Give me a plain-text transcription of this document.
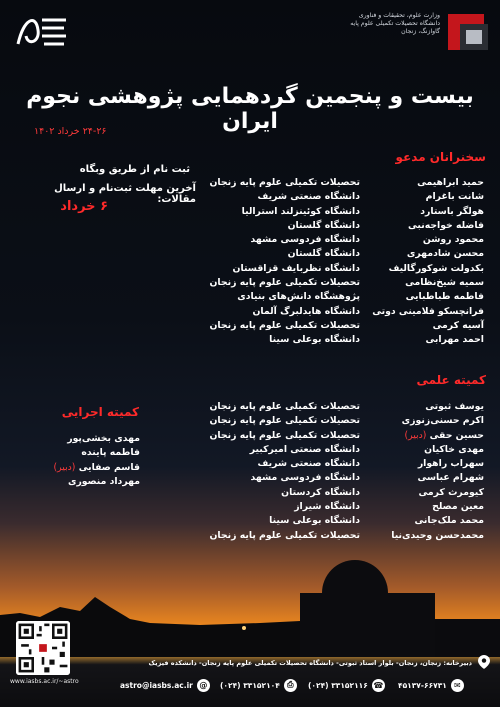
وزارت علوم، تحقیقات و فناوری
دانشگاه تحصیلات تکمیلی علوم پایه
گاوازنگ، زنجان
بیست و پنجمین گردهمایی پژوهشی نجوم ایران
۲۴-۲۶ خرداد ۱۴۰۲
سخنرانان مدعو
حمید ابراهیمی
شانت باغرام
هولگر باستارد
فاضله خواجه‌نبی
محمود روشن
محسن شادمهری
بکدولت شوکورگالیف
سمیه شیخ‌نظامی
فاطمه طباطبایی
فرانچسکو فلامینی دوتی
آسیه کرمی
احمد مهرابی
تحصیلات تکمیلی علوم پایه زنجان
دانشگاه صنعتی شریف
دانشگاه کوئینزلند استرالیا
دانشگاه گلستان
دانشگاه فردوسی مشهد
دانشگاه گلستان
دانشگاه نظربایف قزاقستان
تحصیلات تکمیلی علوم پایه زنجان
پژوهشگاه دانش‌های بنیادی
دانشگاه هایدلبرگ آلمان
تحصیلات تکمیلی علوم پایه زنجان
دانشگاه بوعلی سینا
ثبت نام از طریق وبگاه
آخرین مهلت ثبت‌نام و ارسال مقالات:
۶ خرداد
کمیته علمی
یوسف ثبوتی
اکرم حسنی‌زنوزی
حسین حقی (دبیر)
مهدی خاکیان
سهراب راهوار
شهرام عباسی
کیومرث کرمی
معین مصلح
محمد ملک‌جانی
محمدحسن وحیدی‌نیا
تحصیلات تکمیلی علوم پایه زنجان
تحصیلات تکمیلی علوم پایه زنجان
تحصیلات تکمیلی علوم پایه زنجان
دانشگاه صنعتی امیرکبیر
دانشگاه صنعتی شریف
دانشگاه فردوسی مشهد
دانشگاه کردستان
دانشگاه شیراز
دانشگاه بوعلی سینا
تحصیلات تکمیلی علوم پایه زنجان
کمیته اجرایی
مهدی بخشی‌پور
فاطمه پاینده
قاسم صفایی (دبیر)
مهرداد منصوری
www.iasbs.ac.ir/~astro
دبیرخانه: زنجان، زنجان- بلوار استاد ثبوتی- دانشگاه تحصیلات تکمیلی علوم پایه زنجان- دانشکده فیزیک
astro@iasbs.ac.ir @	(۰۲۴) ۳۳۱۵۲۱۰۴ ⎙	(۰۲۴) ۳۳۱۵۲۱۱۶ ☎ ۴۵۱۳۷-۶۶۷۳۱ ✉
